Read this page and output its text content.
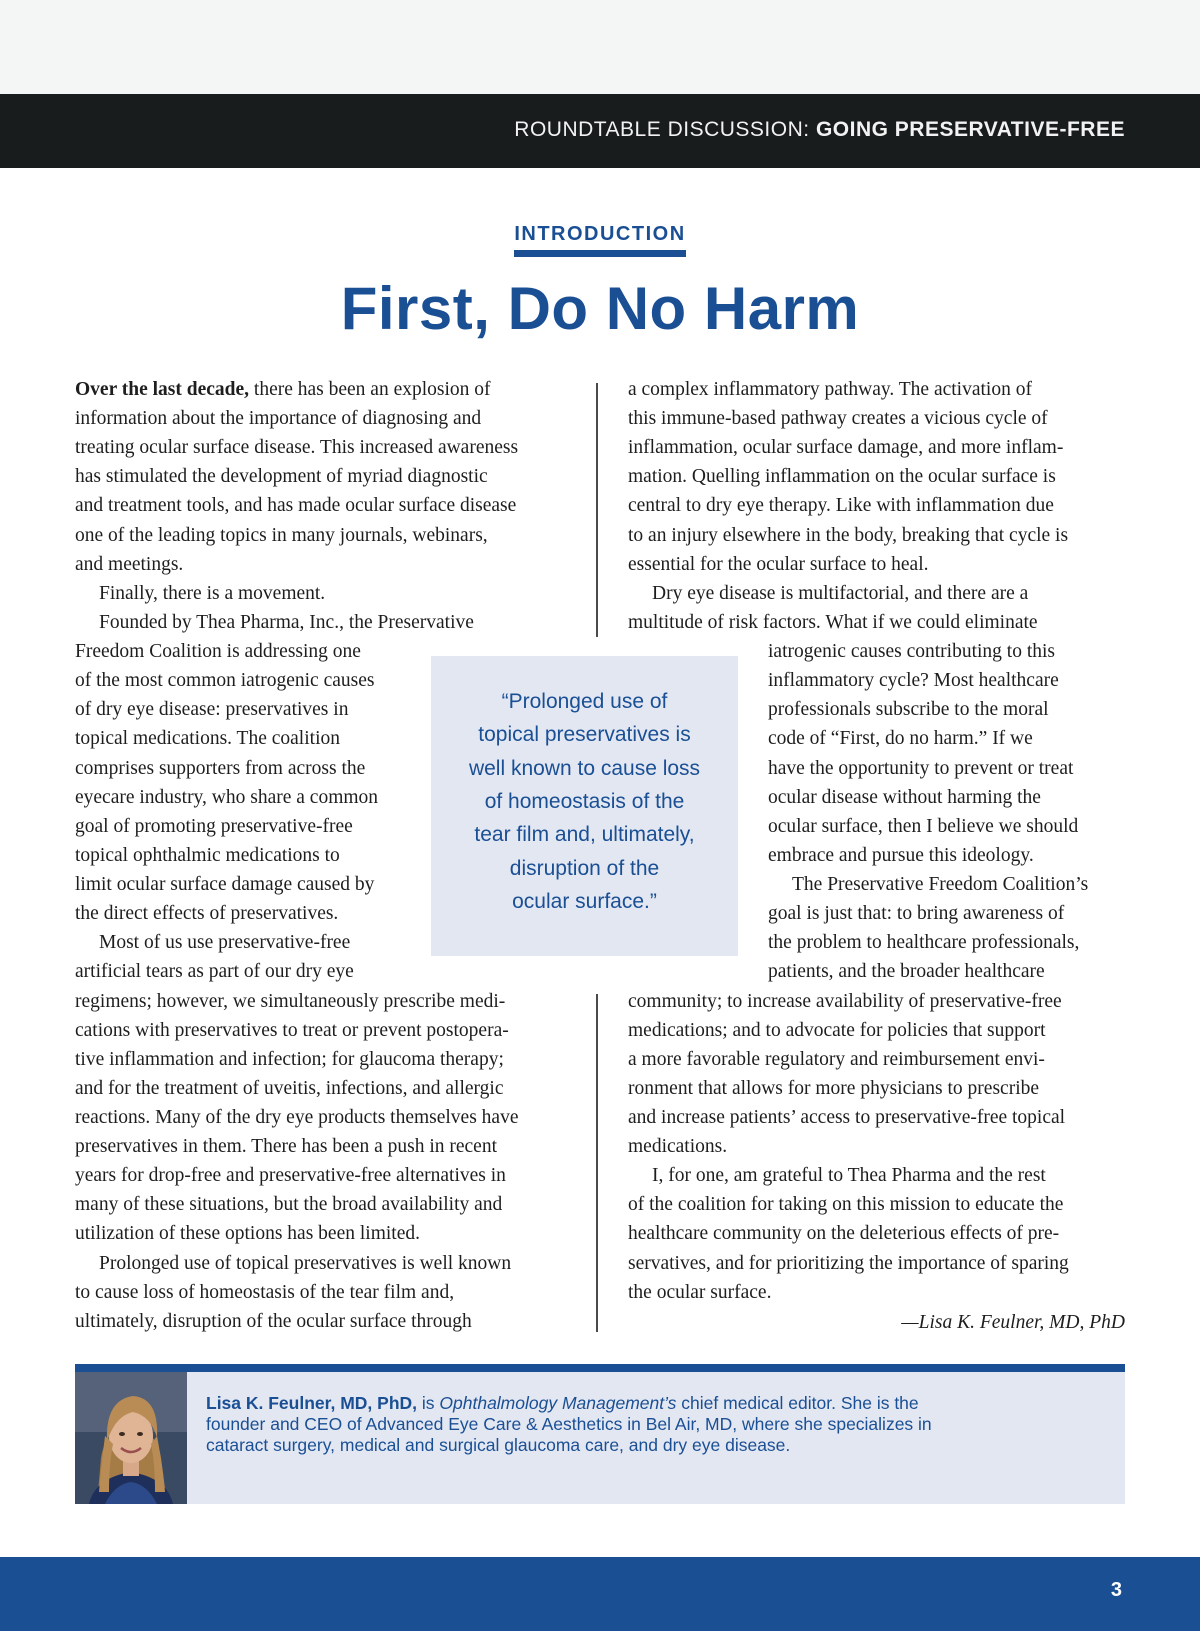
ROUNDTABLE DISCUSSION: GOING PRESERVATIVE-FREE
INTRODUCTION
First, Do No Harm
Over the last decade, there has been an explosion of
information about the importance of diagnosing and
treating ocular surface disease. This increased awareness
has stimulated the development of myriad diagnostic
and treatment tools, and has made ocular surface disease
one of the leading topics in many journals, webinars,
and meetings.
Finally, there is a movement.
Founded by Thea Pharma, Inc., the Preservative
Freedom Coalition is addressing one
of the most common iatrogenic causes
of dry eye disease: preservatives in
topical medications. The coalition
comprises supporters from across the
eyecare industry, who share a common
goal of promoting preservative-free
topical ophthalmic medications to
limit ocular surface damage caused by
the direct effects of preservatives.
Most of us use preservative-free
artificial tears as part of our dry eye
regimens; however, we simultaneously prescribe medi-
cations with preservatives to treat or prevent postopera-
tive inflammation and infection; for glaucoma therapy;
and for the treatment of uveitis, infections, and allergic
reactions. Many of the dry eye products themselves have
preservatives in them. There has been a push in recent
years for drop-free and preservative-free alternatives in
many of these situations, but the broad availability and
utilization of these options has been limited.
Prolonged use of topical preservatives is well known
to cause loss of homeostasis of the tear film and,
ultimately, disruption of the ocular surface through
a complex inflammatory pathway. The activation of
this immune-based pathway creates a vicious cycle of
inflammation, ocular surface damage, and more inflam-
mation. Quelling inflammation on the ocular surface is
central to dry eye therapy. Like with inflammation due
to an injury elsewhere in the body, breaking that cycle is
essential for the ocular surface to heal.
Dry eye disease is multifactorial, and there are a
multitude of risk factors. What if we could eliminate
iatrogenic causes contributing to this
inflammatory cycle? Most healthcare
professionals subscribe to the moral
code of “First, do no harm.” If we
have the opportunity to prevent or treat
ocular disease without harming the
ocular surface, then I believe we should
embrace and pursue this ideology.
The Preservative Freedom Coalition’s
goal is just that: to bring awareness of
the problem to healthcare professionals,
patients, and the broader healthcare
community; to increase availability of preservative-free
medications; and to advocate for policies that support
a more favorable regulatory and reimbursement envi-
ronment that allows for more physicians to prescribe
and increase patients’ access to preservative-free topical
medications.
I, for one, am grateful to Thea Pharma and the rest
of the coalition for taking on this mission to educate the
healthcare community on the deleterious effects of pre-
servatives, and for prioritizing the importance of sparing
the ocular surface.
—Lisa K. Feulner, MD, PhD
“Prolonged use of
topical preservatives is
well known to cause loss
of homeostasis of the
tear film and, ultimately,
disruption of the
ocular surface.”
Lisa K. Feulner, MD, PhD, is Ophthalmology Management’s chief medical editor. She is the
founder and CEO of Advanced Eye Care & Aesthetics in Bel Air, MD, where she specializes in
cataract surgery, medical and surgical glaucoma care, and dry eye disease.
3
